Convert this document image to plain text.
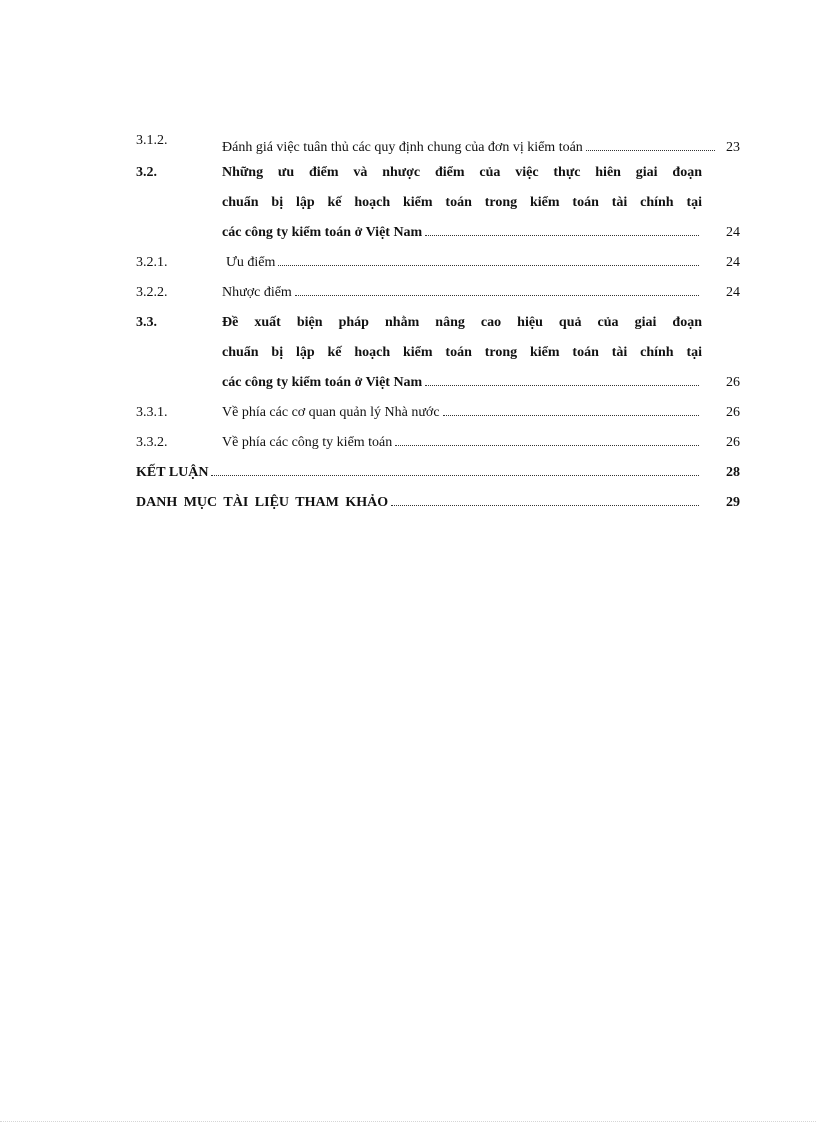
3.1.2.	Đánh giá việc tuân thủ các quy định chung của đơn vị kiểm toán	23
3.2.	Những ưu điểm và nhược điểm của việc thực hiên giai đoạn
chuẩn bị lập kế hoạch kiểm toán trong kiểm toán tài chính tại
các công ty kiểm toán ở Việt Nam	24
3.2.1.	Ưu điểm	24
3.2.2.	Nhược điểm	24
3.3.	Đề xuất biện pháp nhằm nâng cao hiệu quả của giai đoạn
chuẩn bị lập kế hoạch kiểm toán trong kiểm toán tài chính tại
các công ty kiểm toán ở Việt Nam	26
3.3.1.	Về phía các cơ quan quản lý Nhà nước	26
3.3.2.	Về phía các công ty kiểm toán	26
KẾT LUẬN	28
DANH MỤC TÀI LIỆU THAM KHẢO	29
